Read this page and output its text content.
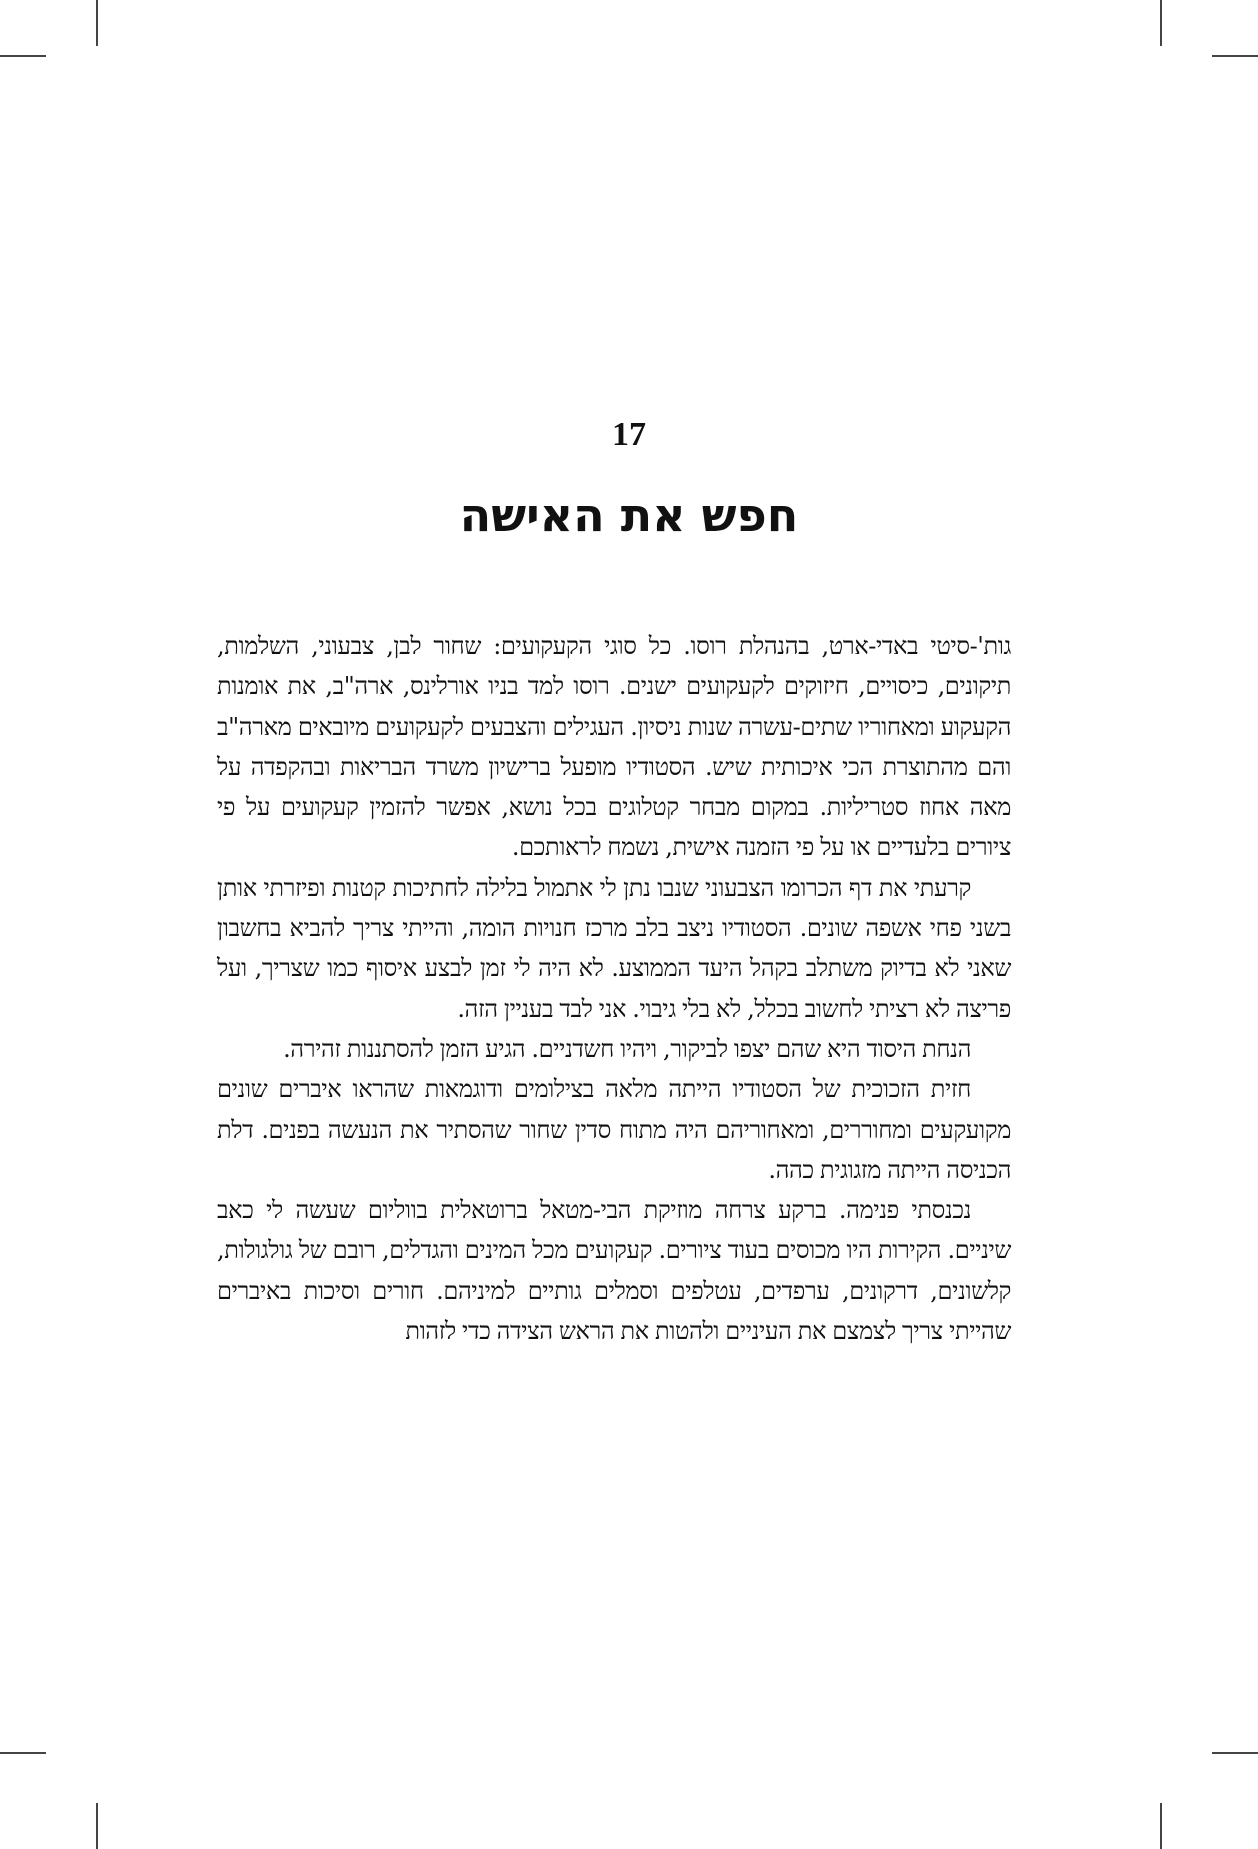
17
חפש את האישה

גות'-סיטי באדי-ארט, בהנהלת רוסו. כל סוגי הקעקועים: שחור לבן, צבעוני, השלמות, תיקונים, כיסויים, חיזוקים לקעקועים ישנים. רוסו למד בניו אורלינס, ארה"ב, את אומנות הקעקוע ומאחוריו שתים-עשרה שנות ניסיון. העגילים והצבעים לקעקועים מיובאים מארה"ב והם מהתוצרת הכי איכותית שיש. הסטודיו מופעל ברישיון משרד הבריאות ובהקפדה על מאה אחוז סטריליות. במקום מבחר קטלוגים בכל נושא, אפשר להזמין קעקועים על פי ציורים בלעדיים או על פי הזמנה אישית, נשמח לראותכם.

קרעתי את דף הכרומו הצבעוני שנבו נתן לי אתמול בלילה לחתיכות קטנות ופיזרתי אותן בשני פחי אשפה שונים. הסטודיו ניצב בלב מרכז חנויות הומה, והייתי צריך להביא בחשבון שאני לא בדיוק משתלב בקהל היעד הממוצע. לא היה לי זמן לבצע איסוף כמו שצריך, ועל פריצה לא רציתי לחשוב בכלל, לא בלי גיבוי. אני לבד בעניין הזה.

הנחת היסוד היא שהם יצפו לביקור, ויהיו חשדניים. הגיע הזמן להסתננות זהירה.

חזית הזכוכית של הסטודיו הייתה מלאה בצילומים ודוגמאות שהראו איברים שונים מקועקעים ומחוררים, ומאחוריהם היה מתוח סדין שחור שהסתיר את הנעשה בפנים. דלת הכניסה הייתה מזגוגית כהה.

נכנסתי פנימה. ברקע צרחה מוזיקת הבי-מטאל ברוטאלית בווליום שעשה לי כאב שיניים. הקירות היו מכוסים בעוד ציורים. קעקועים מכל המינים והגדלים, רובם של גולגולות, קלשונים, דרקונים, ערפדים, עטלפים וסמלים גותיים למיניהם. חורים וסיכות באיברים שהייתי צריך לצמצם את העיניים ולהטות את הראש הצידה כדי לזהות
